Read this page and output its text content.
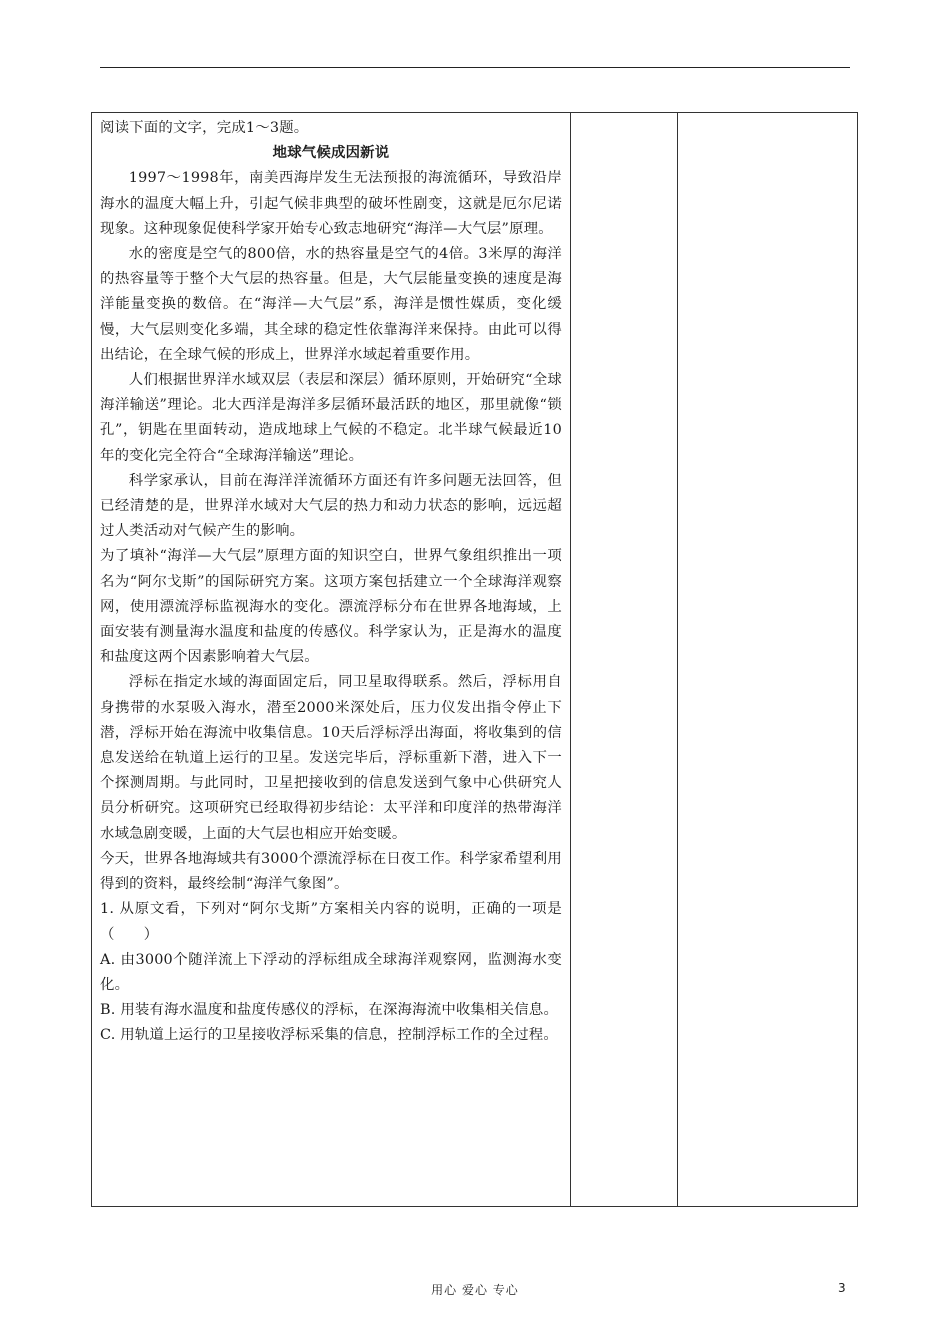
阅读下面的文字，完成1～3题。

地球气候成因新说

1997～1998年，南美西海岸发生无法预报的海流循环，导致沿岸海水的温度大幅上升，引起气候非典型的破坏性剧变，这就是厄尔尼诺现象。这种现象促使科学家开始专心致志地研究“海洋—大气层”原理。

水的密度是空气的800倍，水的热容量是空气的4倍。3米厚的海洋的热容量等于整个大气层的热容量。但是，大气层能量变换的速度是海洋能量变换的数倍。在“海洋—大气层”系，海洋是惯性媒质，变化缓慢，大气层则变化多端，其全球的稳定性依靠海洋来保持。由此可以得出结论，在全球气候的形成上，世界洋水域起着重要作用。

人们根据世界洋水域双层（表层和深层）循环原则，开始研究“全球海洋输送”理论。北大西洋是海洋多层循环最活跃的地区，那里就像“锁孔”，钥匙在里面转动，造成地球上气候的不稳定。北半球气候最近10年的变化完全符合“全球海洋输送”理论。

科学家承认，目前在海洋洋流循环方面还有许多问题无法回答，但已经清楚的是，世界洋水域对大气层的热力和动力状态的影响，远远超过人类活动对气候产生的影响。

为了填补“海洋—大气层”原理方面的知识空白，世界气象组织推出一项名为“阿尔戈斯”的国际研究方案。这项方案包括建立一个全球海洋观察网，使用漂流浮标监视海水的变化。漂流浮标分布在世界各地海域，上面安装有测量海水温度和盐度的传感仪。科学家认为，正是海水的温度和盐度这两个因素影响着大气层。

浮标在指定水域的海面固定后，同卫星取得联系。然后，浮标用自身携带的水泵吸入海水，潜至2000米深处后，压力仪发出指令停止下潜，浮标开始在海流中收集信息。10天后浮标浮出海面，将收集到的信息发送给在轨道上运行的卫星。发送完毕后，浮标重新下潜，进入下一个探测周期。与此同时，卫星把接收到的信息发送到气象中心供研究人员分析研究。这项研究已经取得初步结论：太平洋和印度洋的热带海洋水域急剧变暖，上面的大气层也相应开始变暖。

今天，世界各地海域共有3000个漂流浮标在日夜工作。科学家希望利用得到的资料，最终绘制“海洋气象图”。

1. 从原文看，下列对“阿尔戈斯”方案相关内容的说明，正确的一项是　（　　）

A. 由3000个随洋流上下浮动的浮标组成全球海洋观察网，监测海水变化。

B. 用装有海水温度和盐度传感仪的浮标，在深海海流中收集相关信息。

C. 用轨道上运行的卫星接收浮标采集的信息，控制浮标工作的全过程。

用心 爱心 专心	3
